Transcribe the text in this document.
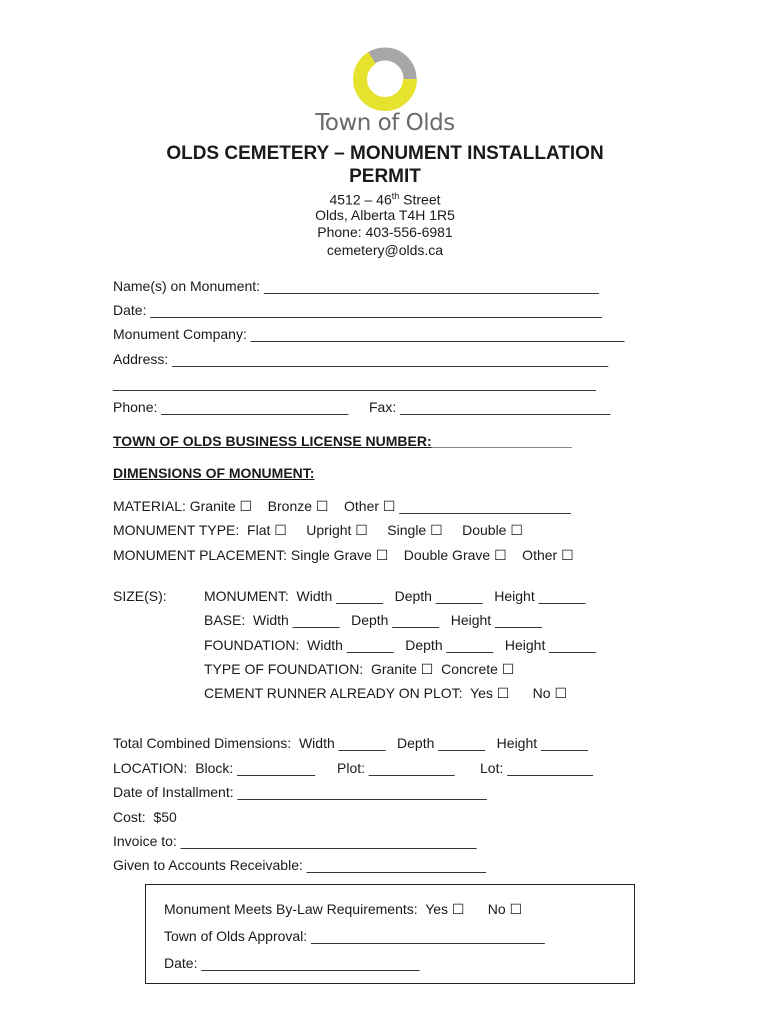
Town of Olds
OLDS CEMETERY – MONUMENT INSTALLATION
PERMIT
4512 – 46th Street
Olds, Alberta T4H 1R5
Phone: 403-556-6981
cemetery@olds.ca
Name(s) on Monument: ___________________________________________
Date: __________________________________________________________
Monument Company: ________________________________________________
Address: ________________________________________________________
______________________________________________________________
Phone: ________________________ Fax: ___________________________
TOWN OF OLDS BUSINESS LICENSE NUMBER:__________________
DIMENSIONS OF MONUMENT:
MATERIAL: Granite ☐    Bronze ☐    Other ☐ ______________________
MONUMENT TYPE:  Flat ☐     Upright ☐     Single ☐     Double ☐
MONUMENT PLACEMENT: Single Grave ☐    Double Grave ☐    Other ☐
SIZE(S):	MONUMENT:  Width ______   Depth ______   Height ______
BASE:  Width ______   Depth ______   Height ______
FOUNDATION:  Width ______   Depth ______   Height ______
TYPE OF FOUNDATION:  Granite ☐  Concrete ☐
CEMENT RUNNER ALREADY ON PLOT:  Yes ☐      No ☐
Total Combined Dimensions:  Width ______   Depth ______   Height ______
LOCATION:  Block: __________ Plot: ___________ Lot: ___________
Date of Installment: ________________________________
Cost:  $50
Invoice to: ______________________________________
Given to Accounts Receivable: _______________________
Monument Meets By-Law Requirements:  Yes ☐      No ☐
Town of Olds Approval: ______________________________
Date: ____________________________
